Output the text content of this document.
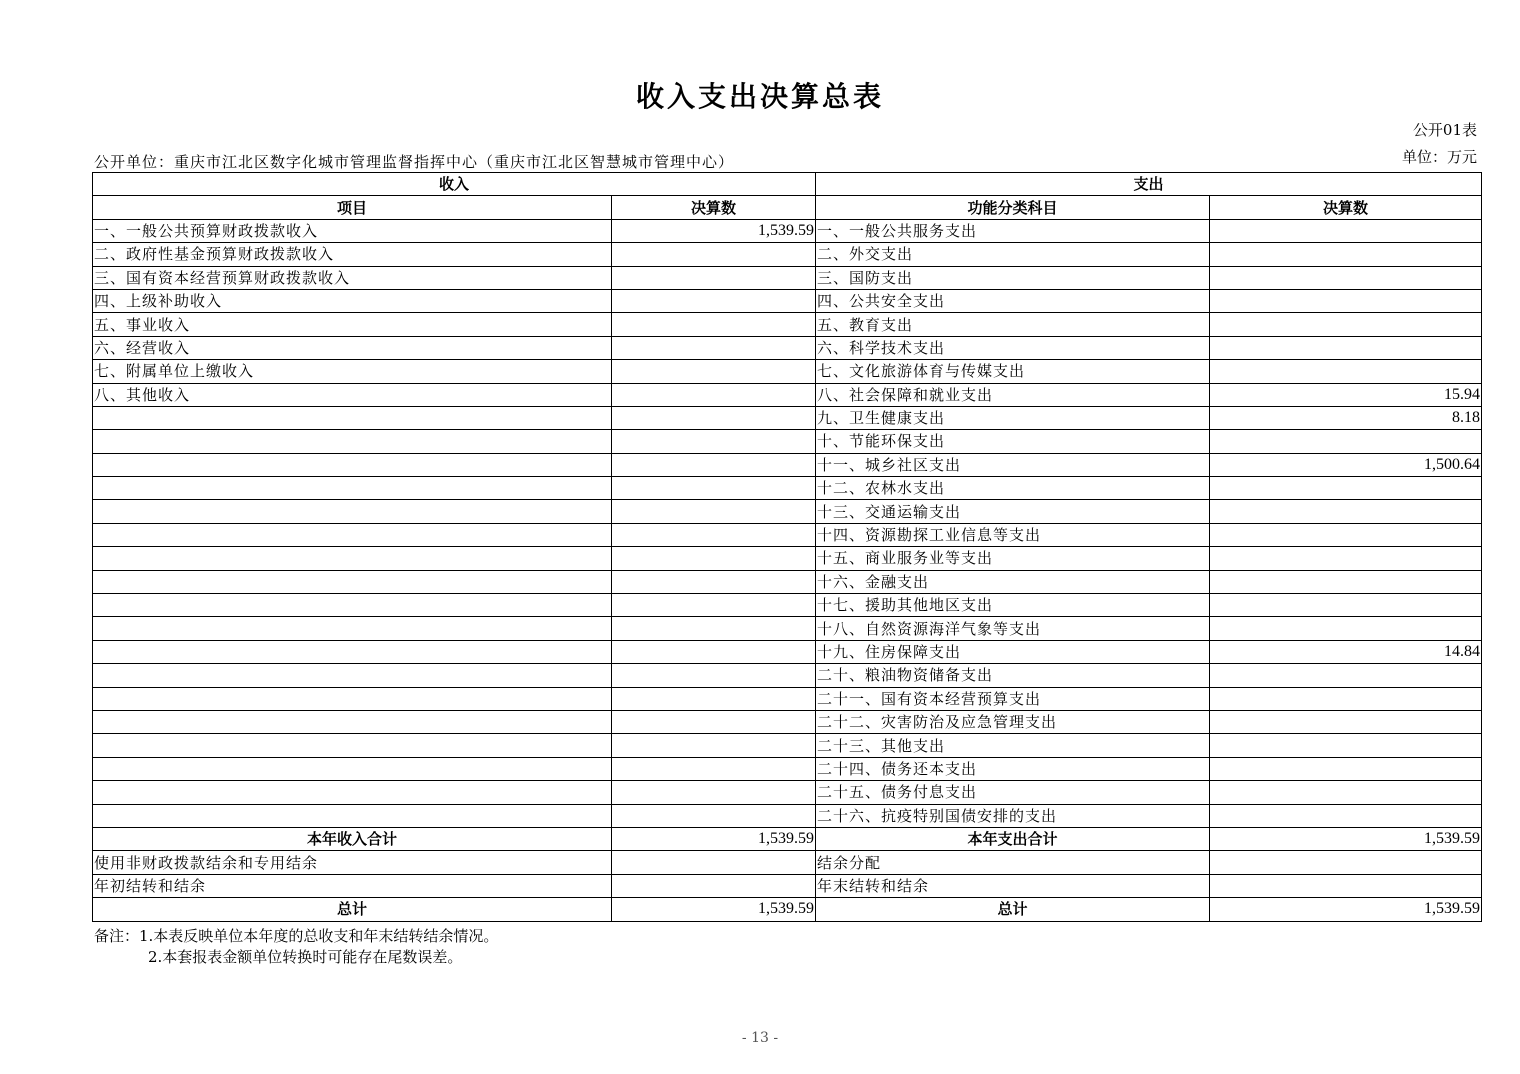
收入支出决算总表
公开01表
单位：万元
公开单位：重庆市江北区数字化城市管理监督指挥中心（重庆市江北区智慧城市管理中心）
收入		支出	
项目	决算数	功能分类科目	决算数
一、一般公共预算财政拨款收入	1,539.59	一、一般公共服务支出	
二、政府性基金预算财政拨款收入		二、外交支出	
三、国有资本经营预算财政拨款收入		三、国防支出	
四、上级补助收入		四、公共安全支出	
五、事业收入		五、教育支出	
六、经营收入		六、科学技术支出	
七、附属单位上缴收入		七、文化旅游体育与传媒支出	
八、其他收入		八、社会保障和就业支出	15.94
		九、卫生健康支出	8.18
		十、节能环保支出	
		十一、城乡社区支出	1,500.64
		十二、农林水支出	
		十三、交通运输支出	
		十四、资源勘探工业信息等支出	
		十五、商业服务业等支出	
		十六、金融支出	
		十七、援助其他地区支出	
		十八、自然资源海洋气象等支出	
		十九、住房保障支出	14.84
		二十、粮油物资储备支出	
		二十一、国有资本经营预算支出	
		二十二、灾害防治及应急管理支出	
		二十三、其他支出	
		二十四、债务还本支出	
		二十五、债务付息支出	
		二十六、抗疫特别国债安排的支出	
本年收入合计	1,539.59	本年支出合计	1,539.59
使用非财政拨款结余和专用结余		结余分配	
年初结转和结余		年末结转和结余	
总计	1,539.59	总计	1,539.59
备注：1.本表反映单位本年度的总收支和年末结转结余情况。
2.本套报表金额单位转换时可能存在尾数误差。
- 13 -
